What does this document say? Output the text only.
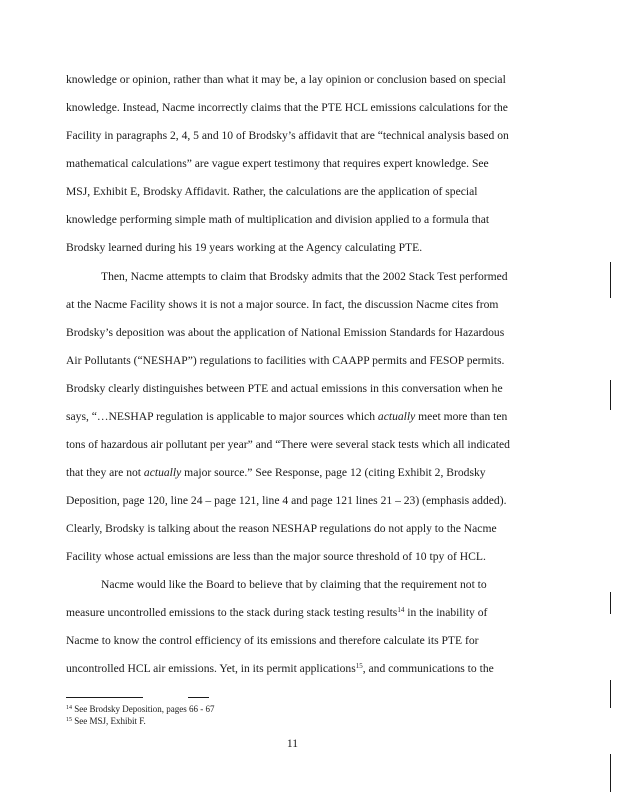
knowledge or opinion, rather than what it may be, a lay opinion or conclusion based on special
knowledge. Instead, Nacme incorrectly claims that the PTE HCL emissions calculations for the
Facility in paragraphs 2, 4, 5 and 10 of Brodsky’s affidavit that are “technical analysis based on
mathematical calculations” are vague expert testimony that requires expert knowledge. See
MSJ, Exhibit E, Brodsky Affidavit. Rather, the calculations are the application of special
knowledge performing simple math of multiplication and division applied to a formula that
Brodsky learned during his 19 years working at the Agency calculating PTE.
Then, Nacme attempts to claim that Brodsky admits that the 2002 Stack Test performed
at the Nacme Facility shows it is not a major source. In fact, the discussion Nacme cites from
Brodsky’s deposition was about the application of National Emission Standards for Hazardous
Air Pollutants (“NESHAP”) regulations to facilities with CAAPP permits and FESOP permits.
Brodsky clearly distinguishes between PTE and actual emissions in this conversation when he
says, “…NESHAP regulation is applicable to major sources which actually meet more than ten
tons of hazardous air pollutant per year” and “There were several stack tests which all indicated
that they are not actually major source.” See Response, page 12 (citing Exhibit 2, Brodsky
Deposition, page 120, line 24 – page 121, line 4 and page 121 lines 21 – 23) (emphasis added).
Clearly, Brodsky is talking about the reason NESHAP regulations do not apply to the Nacme
Facility whose actual emissions are less than the major source threshold of 10 tpy of HCL.
Nacme would like the Board to believe that by claiming that the requirement not to
measure uncontrolled emissions to the stack during stack testing results$^{14}$ in the inability of
Nacme to know the control efficiency of its emissions and therefore calculate its PTE for
uncontrolled HCL air emissions. Yet, in its permit applications$^{15}$, and communications to the
$^{14}$ See Brodsky Deposition, pages 66 - 67
$^{15}$ See MSJ, Exhibit F.
11
